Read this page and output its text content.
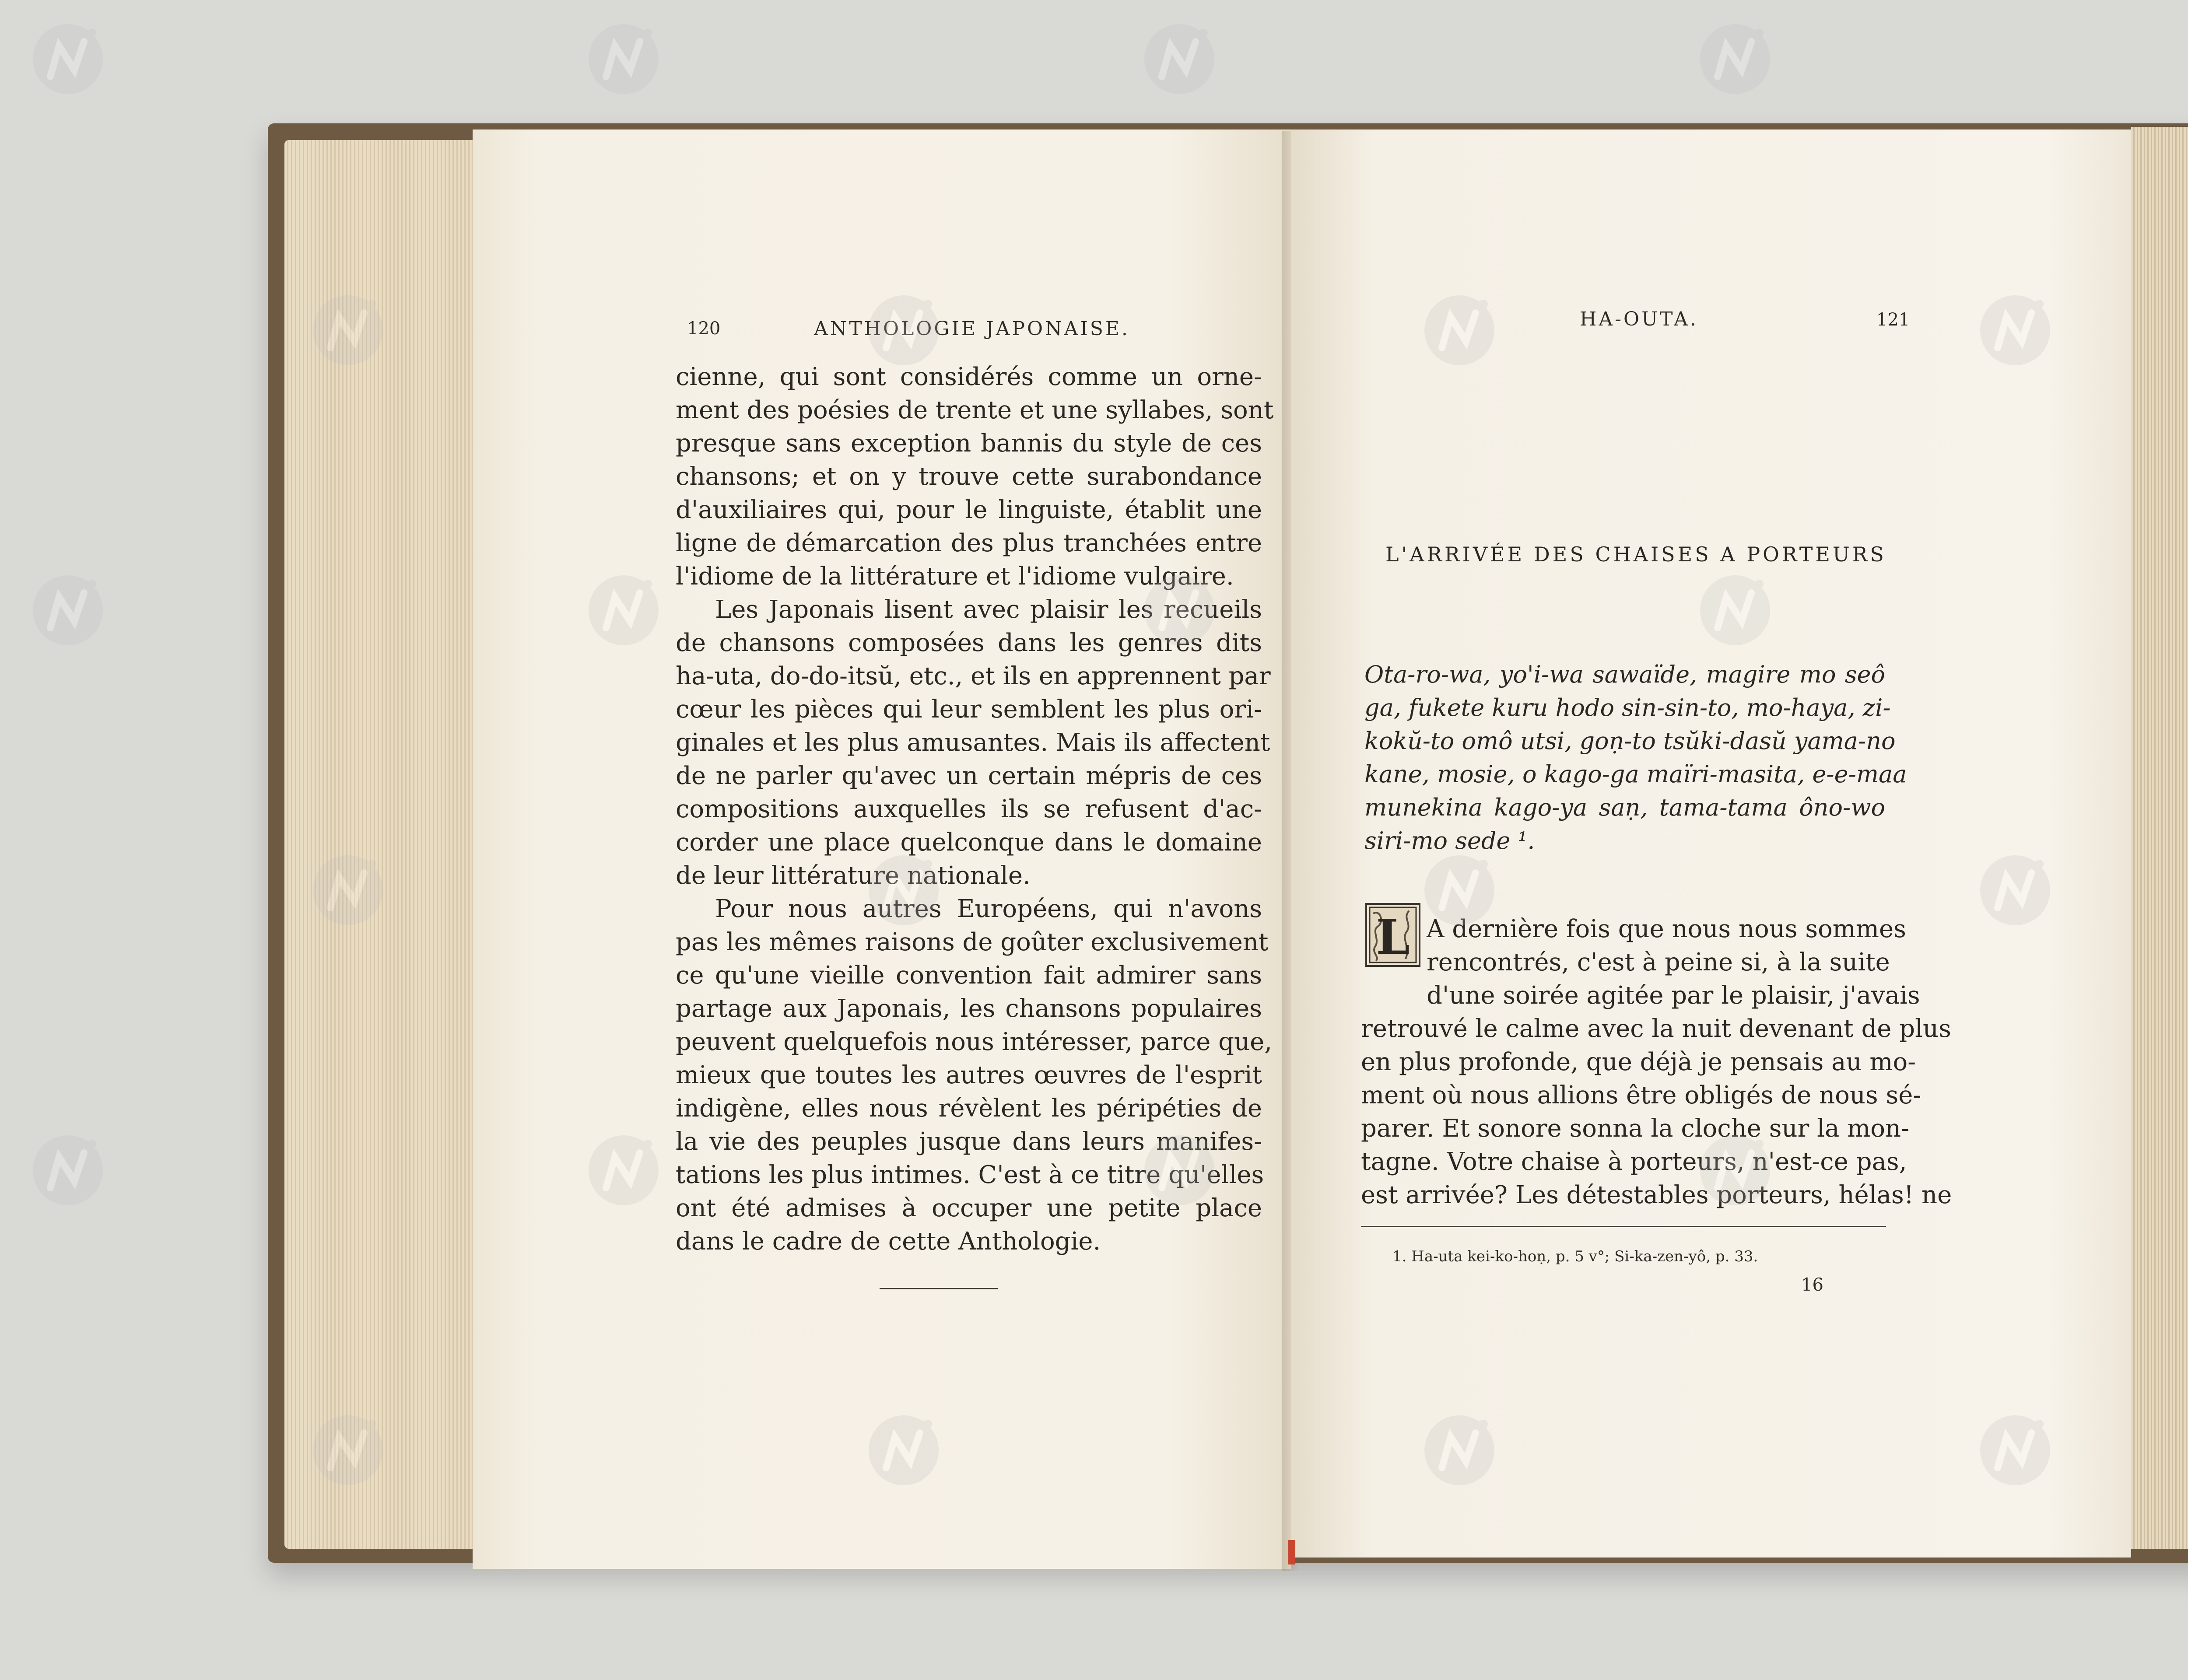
120	ANTHOLOGIE JAPONAISE.
cienne, qui sont considérés comme un orne-
ment des poésies de trente et une syllabes, sont
presque sans exception bannis du style de ces
chansons; et on y trouve cette surabondance
d'auxiliaires qui, pour le linguiste, établit une
ligne de démarcation des plus tranchées entre
l'idiome de la littérature et l'idiome vulgaire.
Les Japonais lisent avec plaisir les recueils
de chansons composées dans les genres dits
ha-uta, do-do-itsŭ, etc., et ils en apprennent par
cœur les pièces qui leur semblent les plus ori-
ginales et les plus amusantes. Mais ils affectent
de ne parler qu'avec un certain mépris de ces
compositions auxquelles ils se refusent d'ac-
corder une place quelconque dans le domaine
de leur littérature nationale.
Pour nous autres Européens, qui n'avons
pas les mêmes raisons de goûter exclusivement
ce qu'une vieille convention fait admirer sans
partage aux Japonais, les chansons populaires
peuvent quelquefois nous intéresser, parce que,
mieux que toutes les autres œuvres de l'esprit
indigène, elles nous révèlent les péripéties de
la vie des peuples jusque dans leurs manifes-
tations les plus intimes. C'est à ce titre qu'elles
ont été admises à occuper une petite place
dans le cadre de cette Anthologie.
HA-OUTA.	121
L'ARRIVÉE DES CHAISES A PORTEURS
Ota-ro-wa, yo'i-wa sawaïde, magire mo seô
ga, fukete kuru hodo sin-sin-to, mo-haya, zi-
kokŭ-to omô utsi, goṇ-to tsŭki-dasŭ yama-no
kane, mosie, o kago-ga maïri-masita, e-e-maa
munekina kago-ya saṇ, tama-tama ôno-wo
siri-mo sede ¹.
L A dernière fois que nous nous sommes
rencontrés, c'est à peine si, à la suite
d'une soirée agitée par le plaisir, j'avais
retrouvé le calme avec la nuit devenant de plus
en plus profonde, que déjà je pensais au mo-
ment où nous allions être obligés de nous sé-
parer. Et sonore sonna la cloche sur la mon-
tagne. Votre chaise à porteurs, n'est-ce pas,
est arrivée? Les détestables porteurs, hélas! ne
1. Ha-uta kei-ko-hoṇ, p. 5 v°; Si-ka-zen-yô, p. 33.
16
